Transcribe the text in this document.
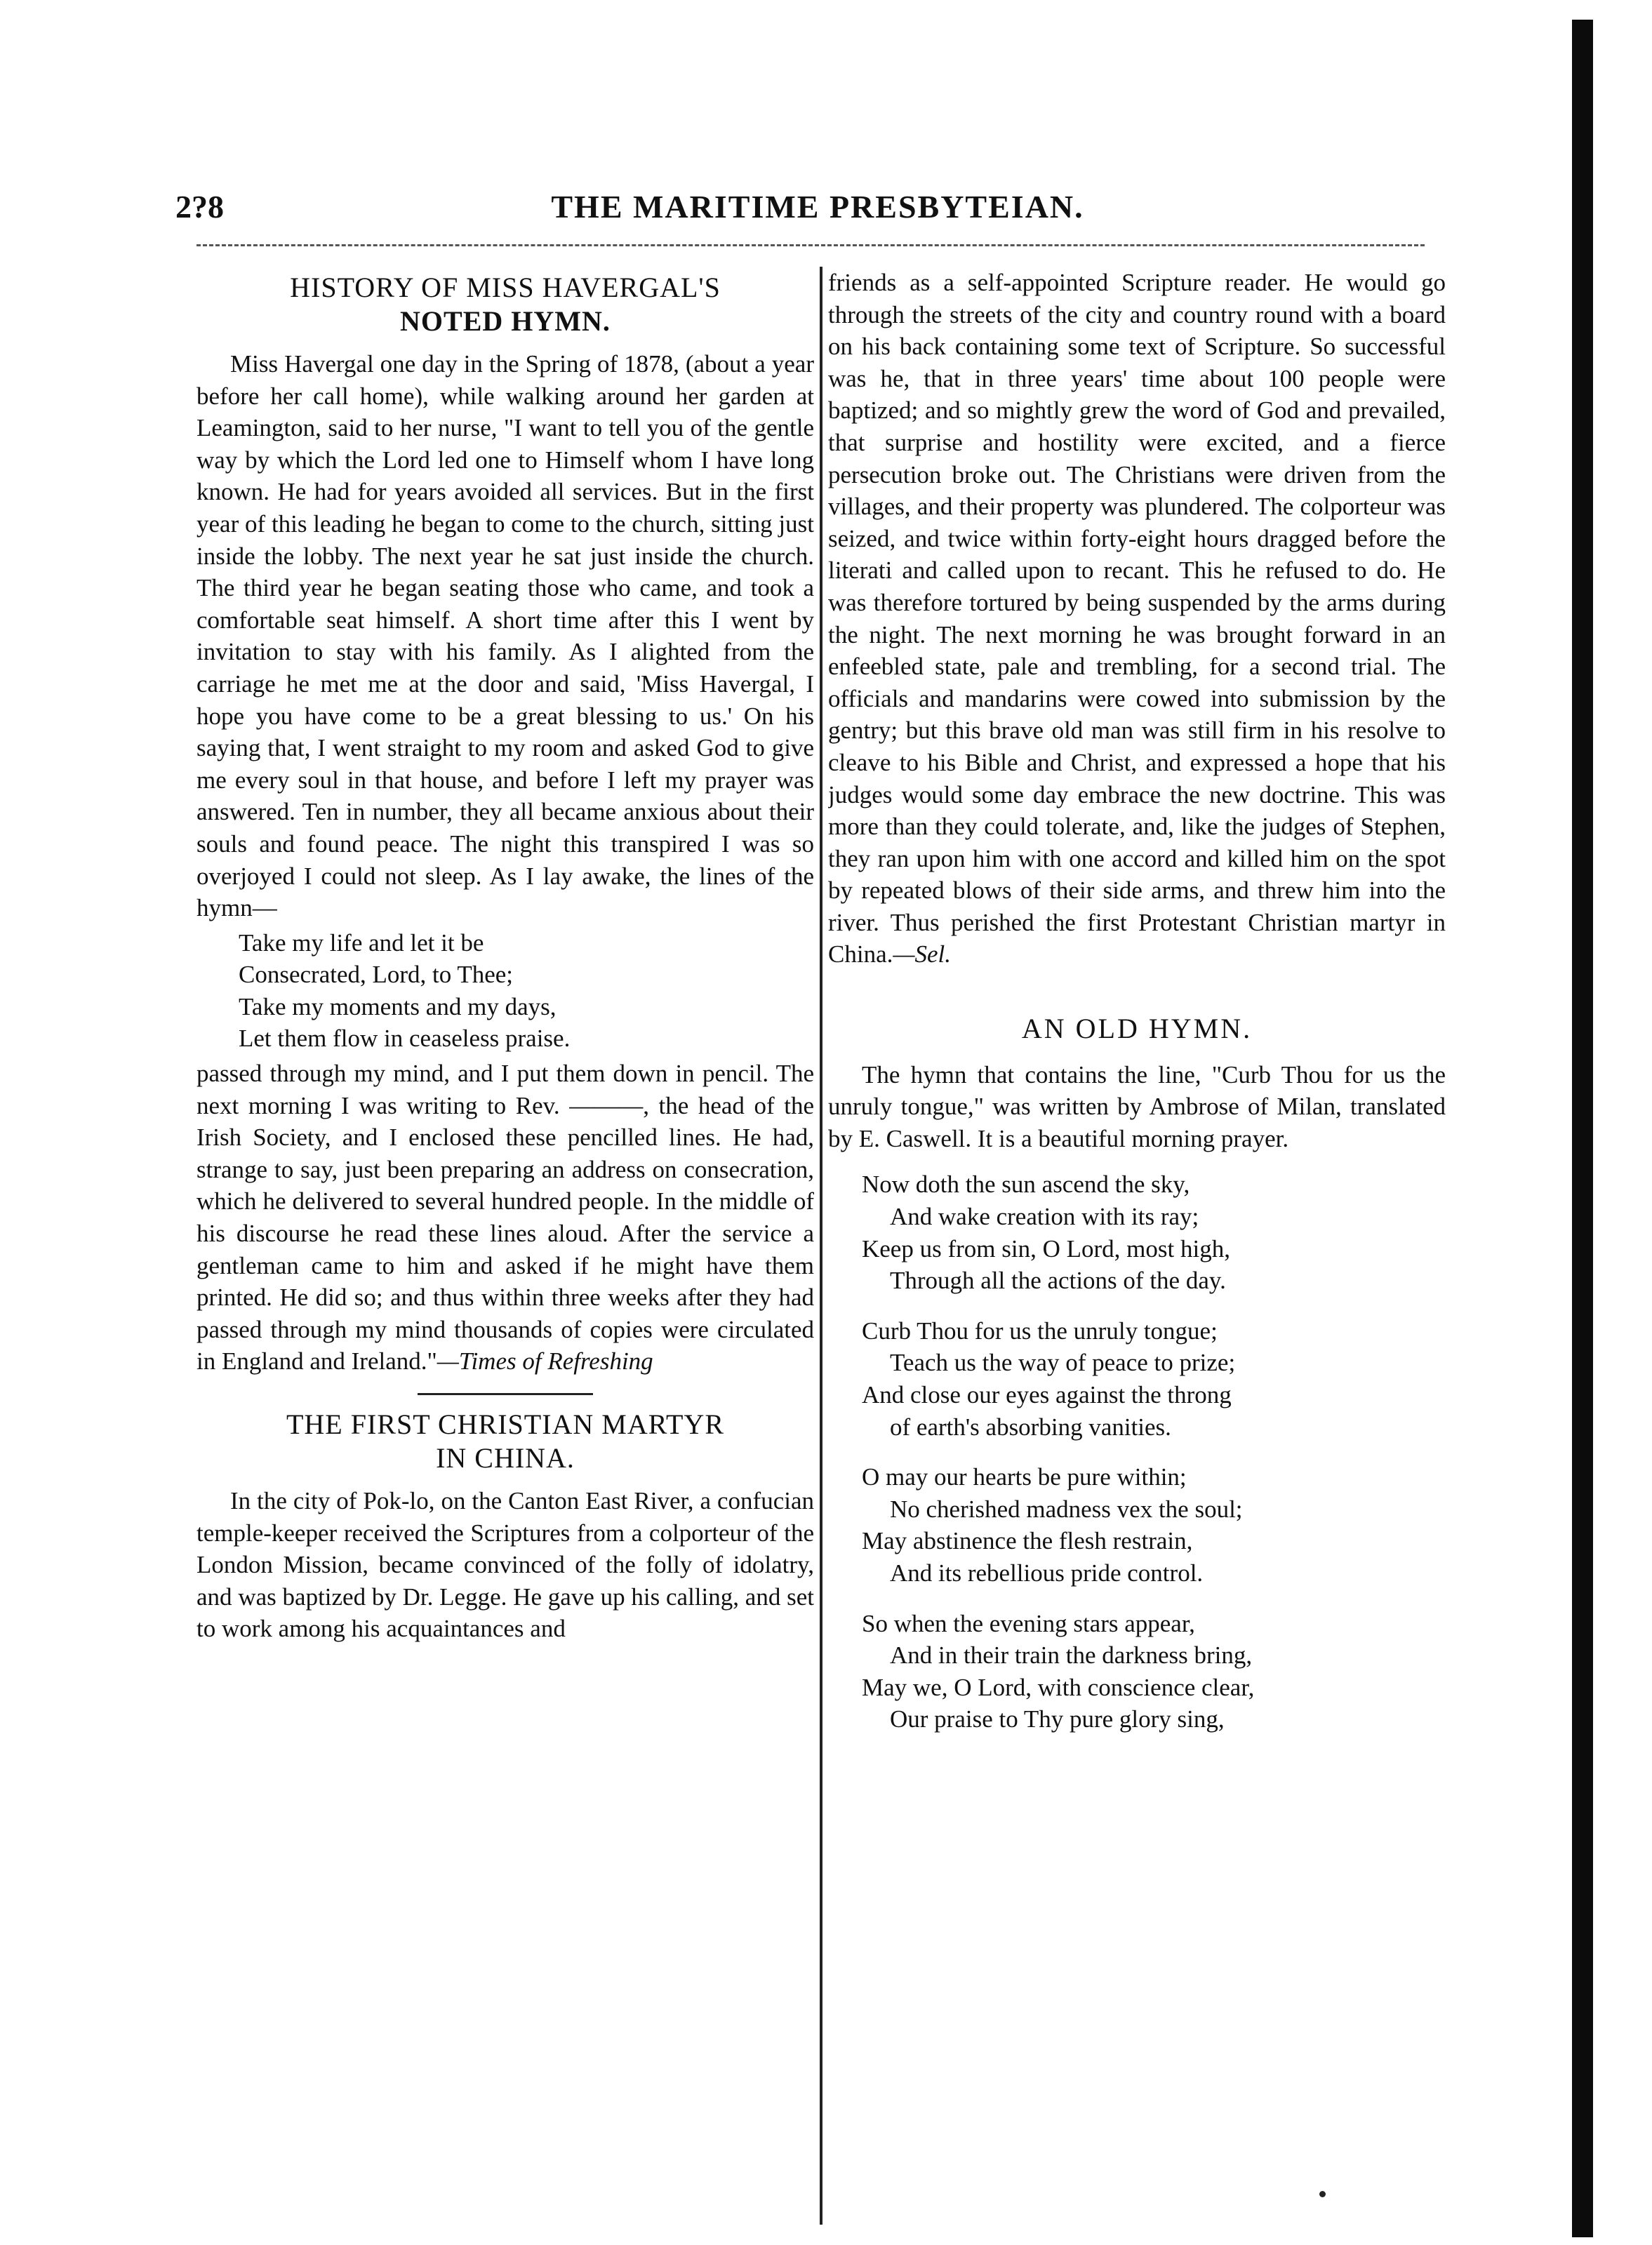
2?8	THE MARITIME PRESBYTEIAN.
HISTORY OF MISS HAVERGAL'S
NOTED HYMN.

Miss Havergal one day in the Spring of 1878, (about a year before her call home), while walking around her garden at Leamington, said to her nurse, "I want to tell you of the gentle way by which the Lord led one to Himself whom I have long known. He had for years avoided all services. But in the first year of this leading he began to come to the church, sitting just inside the lobby. The next year he sat just inside the church. The third year he began seating those who came, and took a comfortable seat himself. A short time after this I went by invitation to stay with his family. As I alighted from the carriage he met me at the door and said, 'Miss Havergal, I hope you have come to be a great blessing to us.' On his saying that, I went straight to my room and asked God to give me every soul in that house, and before I left my prayer was answered. Ten in number, they all became anxious about their souls and found peace. The night this transpired I was so overjoyed I could not sleep. As I lay awake, the lines of the hymn—

Take my life and let it be
Consecrated, Lord, to Thee;
Take my moments and my days,
Let them flow in ceaseless praise.

passed through my mind, and I put them down in pencil. The next morning I was writing to Rev. ———, the head of the Irish Society, and I enclosed these pencilled lines. He had, strange to say, just been preparing an address on consecration, which he delivered to several hundred people. In the middle of his discourse he read these lines aloud. After the service a gentleman came to him and asked if he might have them printed. He did so; and thus within three weeks after they had passed through my mind thousands of copies were circulated in England and Ireland."—Times of Refreshing

THE FIRST CHRISTIAN MARTYR
IN CHINA.

In the city of Pok-lo, on the Canton East River, a confucian temple-keeper received the Scriptures from a colporteur of the London Mission, became convinced of the folly of idolatry, and was baptized by Dr. Legge. He gave up his calling, and set to work among his acquaintances and

friends as a self-appointed Scripture reader. He would go through the streets of the city and country round with a board on his back containing some text of Scripture. So successful was he, that in three years' time about 100 people were baptized; and so mightly grew the word of God and prevailed, that surprise and hostility were excited, and a fierce persecution broke out. The Christians were driven from the villages, and their property was plundered. The colporteur was seized, and twice within forty-eight hours dragged before the literati and called upon to recant. This he refused to do. He was therefore tortured by being suspended by the arms during the night. The next morning he was brought forward in an enfeebled state, pale and trembling, for a second trial. The officials and mandarins were cowed into submission by the gentry; but this brave old man was still firm in his resolve to cleave to his Bible and Christ, and expressed a hope that his judges would some day embrace the new doctrine. This was more than they could tolerate, and, like the judges of Stephen, they ran upon him with one accord and killed him on the spot by repeated blows of their side arms, and threw him into the river. Thus perished the first Protestant Christian martyr in China.—Sel.

AN OLD HYMN.

The hymn that contains the line, "Curb Thou for us the unruly tongue," was written by Ambrose of Milan, translated by E. Caswell. It is a beautiful morning prayer.

Now doth the sun ascend the sky,
And wake creation with its ray;
Keep us from sin, O Lord, most high,
Through all the actions of the day.
Curb Thou for us the unruly tongue;
Teach us the way of peace to prize;
And close our eyes against the throng
of earth's absorbing vanities.
O may our hearts be pure within;
No cherished madness vex the soul;
May abstinence the flesh restrain,
And its rebellious pride control.
So when the evening stars appear,
And in their train the darkness bring,
May we, O Lord, with conscience clear,
Our praise to Thy pure glory sing,
